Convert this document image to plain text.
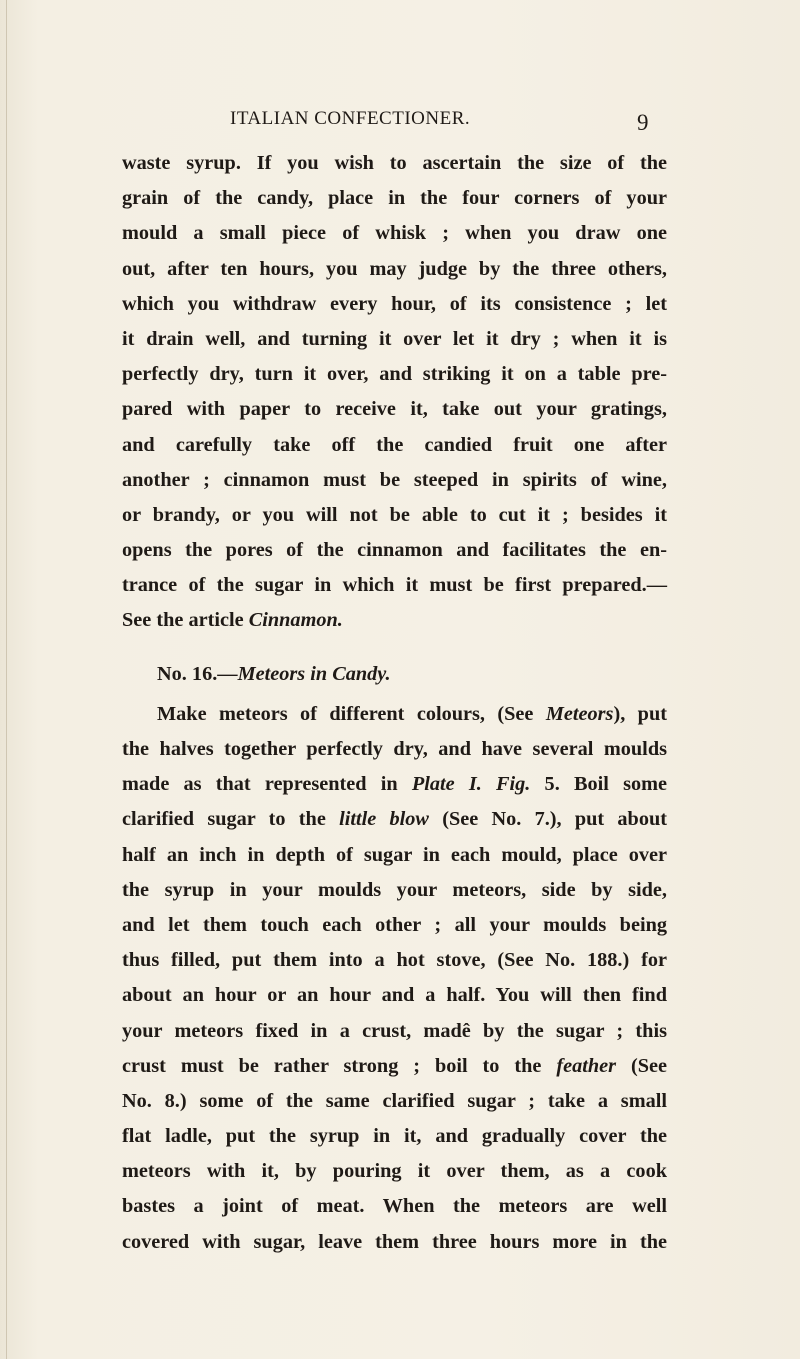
ITALIAN CONFECTIONER.	9
waste syrup. If you wish to ascertain the size of the
grain of the candy, place in the four corners of your
mould a small piece of whisk ; when you draw one
out, after ten hours, you may judge by the three others,
which you withdraw every hour, of its consistence ; let
it drain well, and turning it over let it dry ; when it is
perfectly dry, turn it over, and striking it on a table pre-
pared with paper to receive it, take out your gratings,
and carefully take off the candied fruit one after
another ; cinnamon must be steeped in spirits of wine,
or brandy, or you will not be able to cut it ; besides it
opens the pores of the cinnamon and facilitates the en-
trance of the sugar in which it must be first prepared.—
See the article Cinnamon.
No. 16.—Meteors in Candy.
Make meteors of different colours, (See Meteors), put
the halves together perfectly dry, and have several moulds
made as that represented in Plate I. Fig. 5. Boil some
clarified sugar to the little blow (See No. 7.), put about
half an inch in depth of sugar in each mould, place over
the syrup in your moulds your meteors, side by side,
and let them touch each other ; all your moulds being
thus filled, put them into a hot stove, (See No. 188.) for
about an hour or an hour and a half. You will then find
your meteors fixed in a crust, madê by the sugar ; this
crust must be rather strong ; boil to the feather (See
No. 8.) some of the same clarified sugar ; take a small
flat ladle, put the syrup in it, and gradually cover the
meteors with it, by pouring it over them, as a cook
bastes a joint of meat. When the meteors are well
covered with sugar, leave them three hours more in the
